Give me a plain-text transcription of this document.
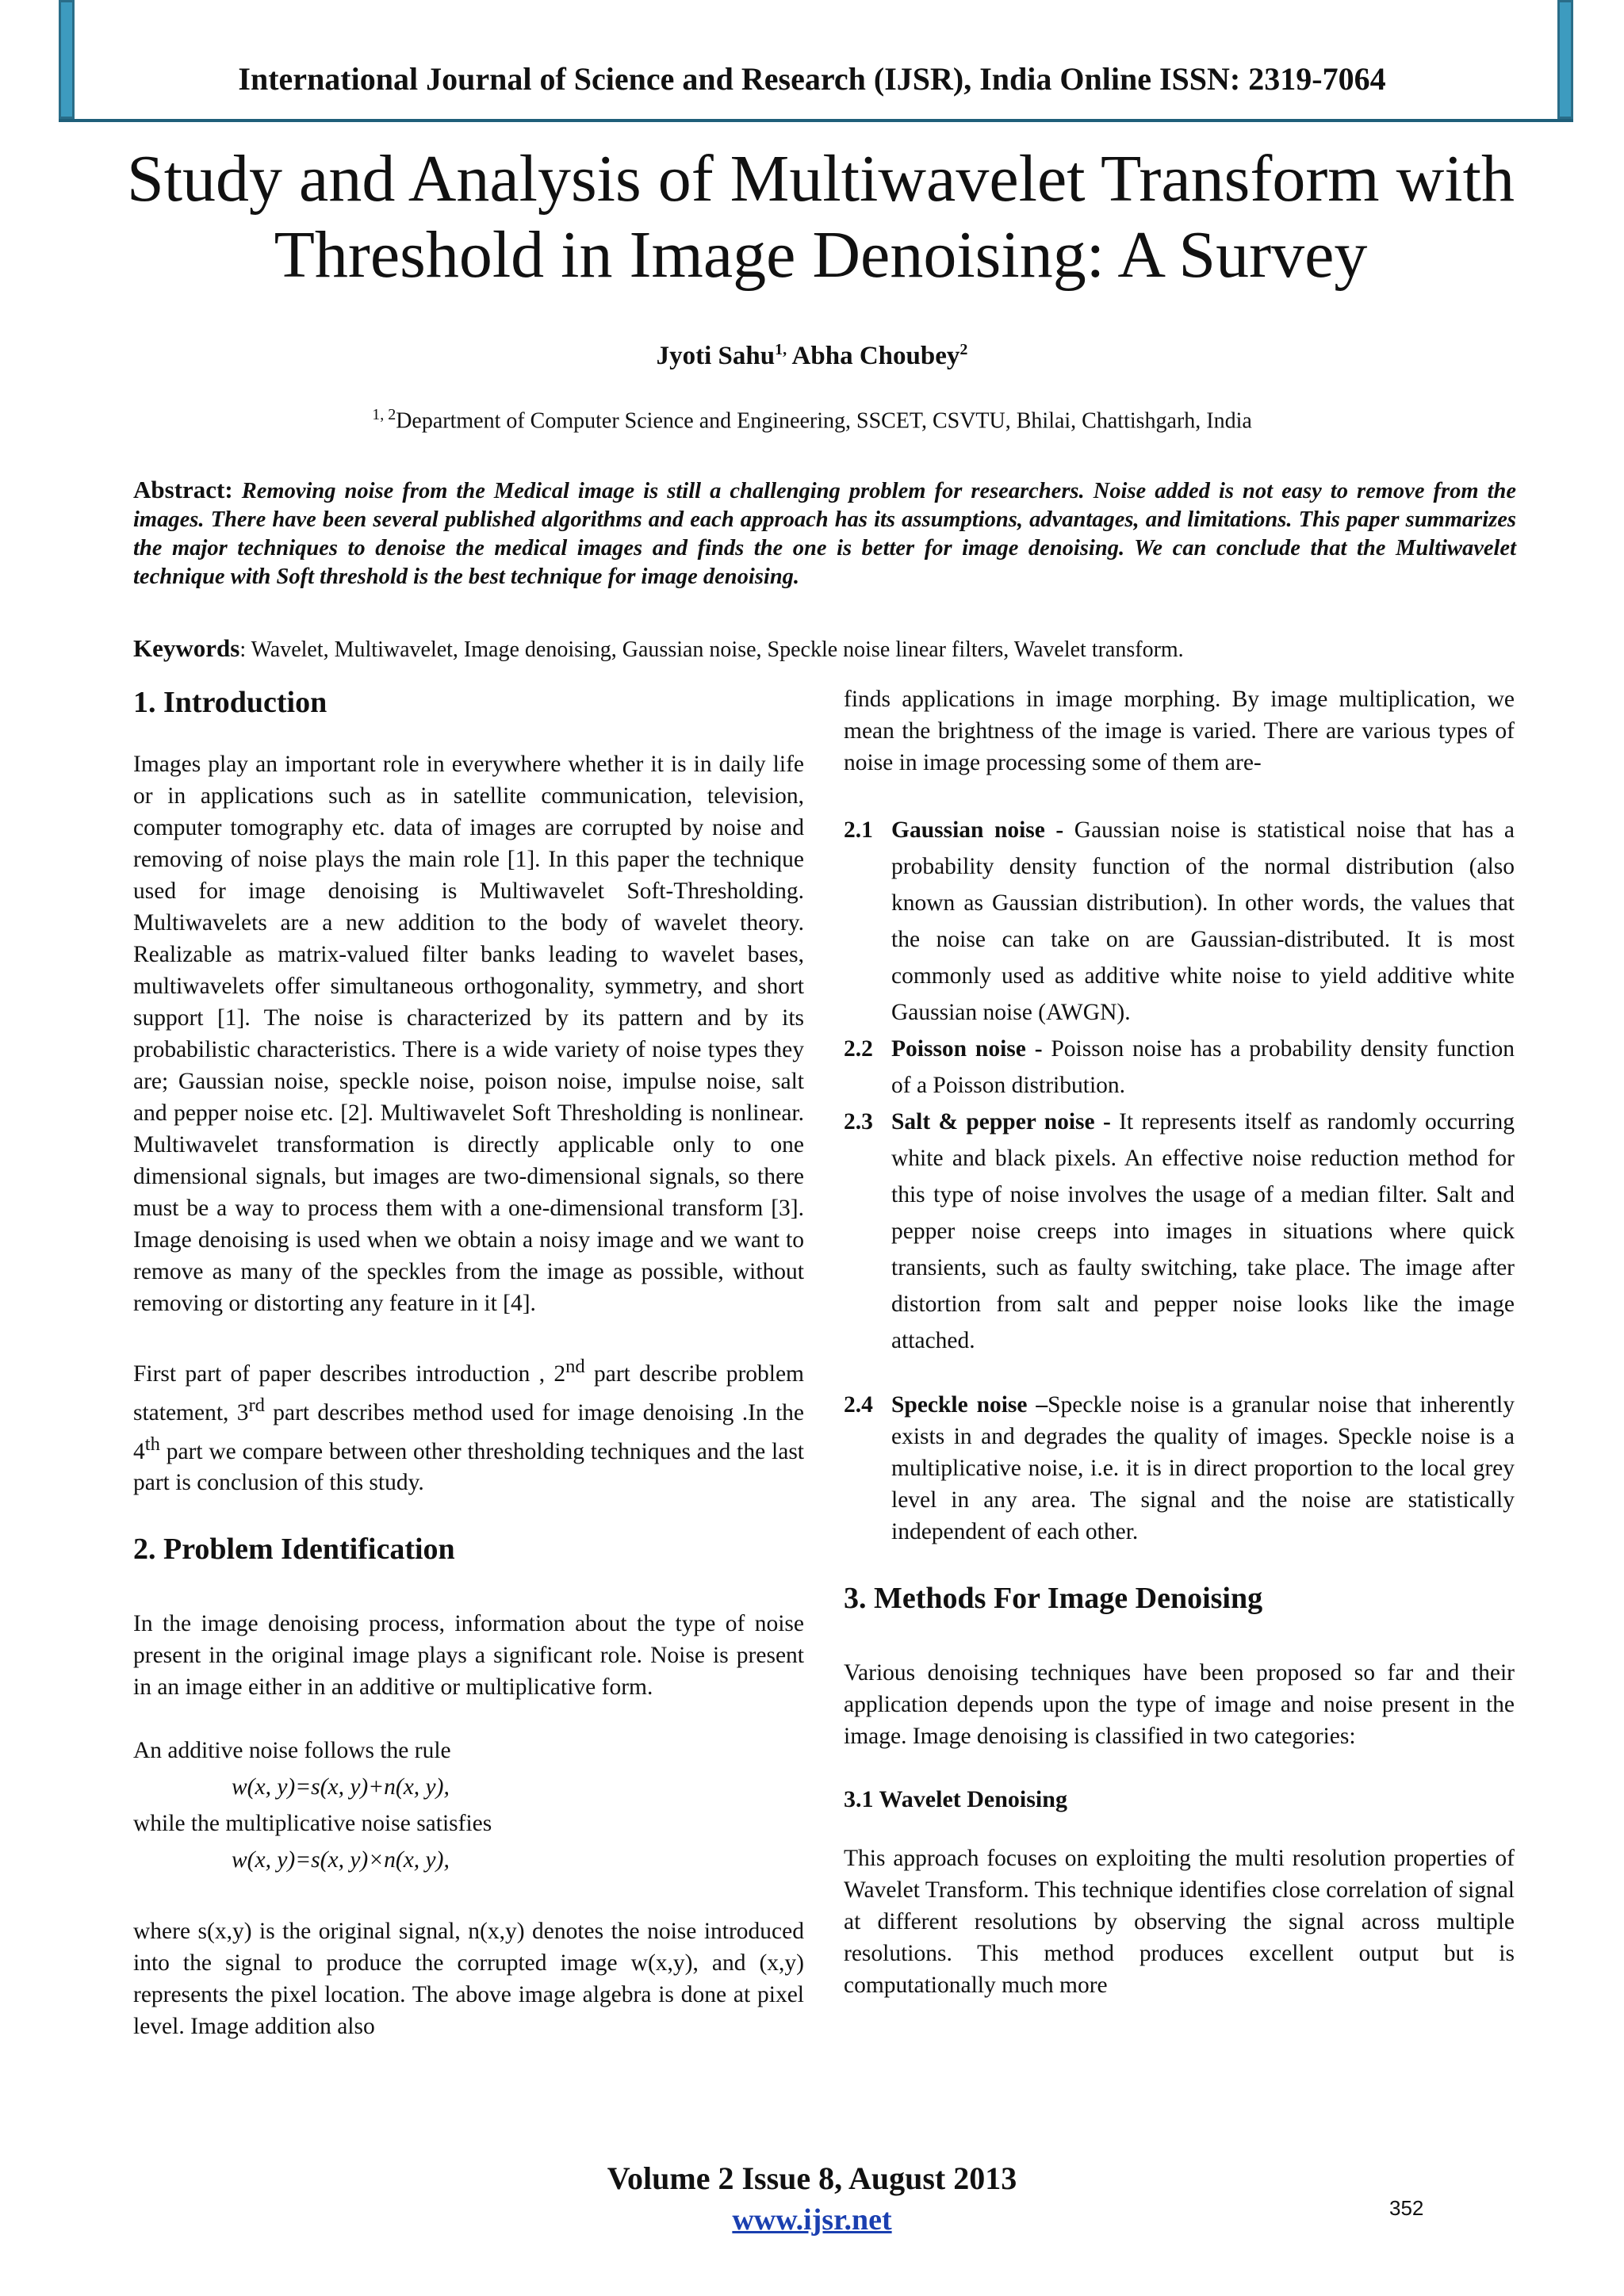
International Journal of Science and Research (IJSR), India Online ISSN: 2319-7064
Study and Analysis of Multiwavelet Transform with
Threshold in Image Denoising: A Survey
Jyoti Sahu$^{1,}$ Abha Choubey$^2$
$^{1, 2}$Department of Computer Science and Engineering, SSCET, CSVTU, Bhilai, Chattishgarh, India
Abstract: Removing noise from the Medical image is still a challenging problem for researchers. Noise added is not easy to remove from the images. There have been several published algorithms and each approach has its assumptions, advantages, and limitations. This paper summarizes the major techniques to denoise the medical images and finds the one is better for image denoising. We can conclude that the Multiwavelet technique with Soft threshold is the best technique for image denoising.
Keywords: Wavelet, Multiwavelet, Image denoising, Gaussian noise, Speckle noise linear filters, Wavelet transform.
1. Introduction

Images play an important role in everywhere whether it is in daily life or in applications such as in satellite communication, television, computer tomography etc. data of images are corrupted by noise and removing of noise plays the main role [1]. In this paper the technique used for image denoising is Multiwavelet Soft-Thresholding. Multiwavelets are a new addition to the body of wavelet theory. Realizable as matrix-valued filter banks leading to wavelet bases, multiwavelets offer simultaneous orthogonality, symmetry, and short support [1]. The noise is characterized by its pattern and by its probabilistic characteristics. There is a wide variety of noise types they are; Gaussian noise, speckle noise, poison noise, impulse noise, salt and pepper noise etc. [2]. Multiwavelet Soft Thresholding is nonlinear. Multiwavelet transformation is directly applicable only to one dimensional signals, but images are two-dimensional signals, so there must be a way to process them with a one-dimensional transform [3]. Image denoising is used when we obtain a noisy image and we want to remove as many of the speckles from the image as possible, without removing or distorting any feature in it [4].

First part of paper describes introduction , 2nd part describe problem statement, 3rd part describes method used for image denoising .In the 4th part we compare between other thresholding techniques and the last part is conclusion of this study.

2. Problem Identification

In the image denoising process, information about the type of noise present in the original image plays a significant role. Noise is present in an image either in an additive or multiplicative form.

An additive noise follows the rule
w(x, y)=s(x, y)+n(x, y),
while the multiplicative noise satisfies
w(x, y)=s(x, y)×n(x, y),

where s(x,y) is the original signal, n(x,y) denotes the noise introduced into the signal to produce the corrupted image w(x,y), and (x,y) represents the pixel location. The above image algebra is done at pixel level. Image addition also

finds applications in image morphing. By image multiplication, we mean the brightness of the image is varied. There are various types of noise in image processing some of them are-

2.1 Gaussian noise - Gaussian noise is statistical noise that has a probability density function of the normal distribution (also known as Gaussian distribution). In other words, the values that the noise can take on are Gaussian-distributed. It is most commonly used as additive white noise to yield additive white Gaussian noise (AWGN).
2.2 Poisson noise - Poisson noise has a probability density function of a Poisson distribution.
2.3 Salt & pepper noise - It represents itself as randomly occurring white and black pixels. An effective noise reduction method for this type of noise involves the usage of a median filter. Salt and pepper noise creeps into images in situations where quick transients, such as faulty switching, take place. The image after distortion from salt and pepper noise looks like the image attached.
2.4 Speckle noise –Speckle noise is a granular noise that inherently exists in and degrades the quality of images. Speckle noise is a multiplicative noise, i.e. it is in direct proportion to the local grey level in any area. The signal and the noise are statistically independent of each other.
3. Methods For Image Denoising

Various denoising techniques have been proposed so far and their application depends upon the type of image and noise present in the image. Image denoising is classified in two categories:

3.1 Wavelet Denoising

This approach focuses on exploiting the multi resolution properties of Wavelet Transform. This technique identifies close correlation of signal at different resolutions by observing the signal across multiple resolutions. This method produces excellent output but is computationally much more

Volume 2 Issue 8, August 2013
www.ijsr.net	352
